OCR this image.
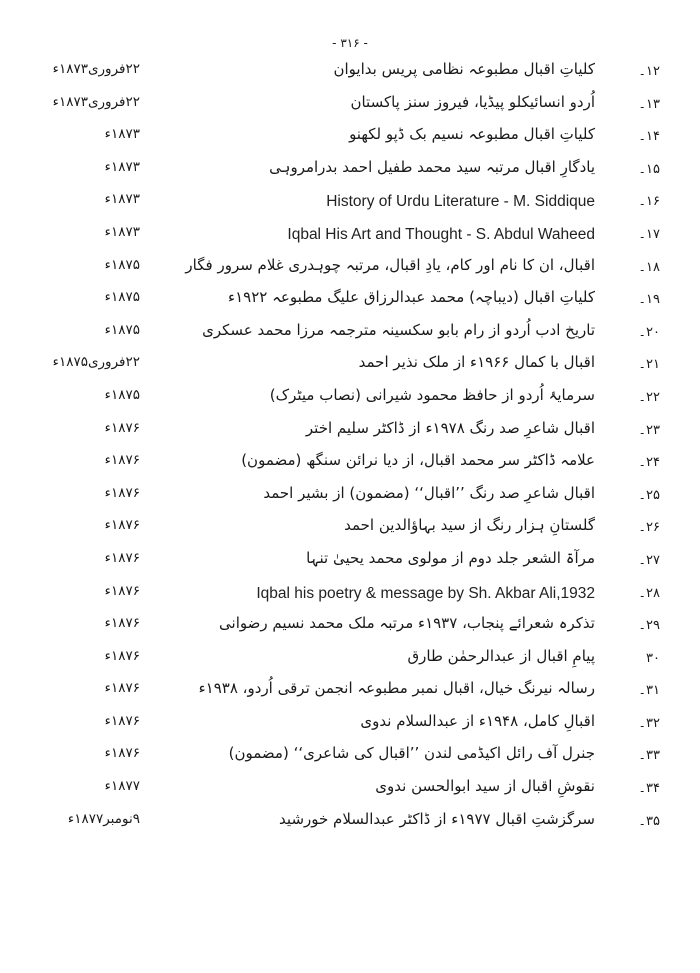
- ۳۱۶ -
۱۲۔
کلیاتِ اقبال مطبوعہ نظامی پریس بدایوان
۲۲فروری۱۸۷۳ء
۱۳۔
اُردو انسائیکلو پیڈیا، فیروز سنز پاکستان
۲۲فروری۱۸۷۳ء
۱۴۔
کلیاتِ اقبال مطبوعہ نسیم بک ڈپو لکھنو
۱۸۷۳ء
۱۵۔
یادگارِ اقبال مرتبہ سید محمد طفیل احمد بدرامروہی
۱۸۷۳ء
۱۶۔
History of Urdu Literature - M. Siddique
۱۸۷۳ء
۱۷۔
Iqbal His Art and Thought - S. Abdul Waheed
۱۸۷۳ء
۱۸۔
اقبال، ان کا نام اور کام، یادِ اقبال، مرتبہ چوہدری غلام سرور فگار
۱۸۷۵ء
۱۹۔
کلیاتِ اقبال (دیباچہ) محمد عبدالرزاق علیگ مطبوعہ ۱۹۲۲ء
۱۸۷۵ء
۲۰۔
تاریخ ادب اُردو از رام بابو سکسینہ مترجمہ مرزا محمد عسکری
۱۸۷۵ء
۲۱۔
اقبال با کمال ۱۹۶۶ء از ملک نذیر احمد
۲۲فروری۱۸۷۵ء
۲۲۔
سرمایۂ اُردو از حافظ محمود شیرانی (نصاب میٹرک)
۱۸۷۵ء
۲۳۔
اقبال شاعرِ صد رنگ ۱۹۷۸ء از ڈاکٹر سلیم اختر
۱۸۷۶ء
۲۴۔
علامہ ڈاکٹر سر محمد اقبال، از دیا نرائن سنگھ (مضمون)
۱۸۷۶ء
۲۵۔
اقبال شاعرِ صد رنگ ’’اقبال‘‘ (مضمون) از بشیر احمد
۱۸۷۶ء
۲۶۔
گلستانِ ہزار رنگ از سید بہاؤالدین احمد
۱۸۷۶ء
۲۷۔
مرآۃ الشعر جلد دوم از مولوی محمد یحییٰ تنہا
۱۸۷۶ء
۲۸۔
Iqbal his poetry & message by Sh. Akbar Ali,1932
۱۸۷۶ء
۲۹۔
تذکرہ شعرائے پنجاب، ۱۹۳۷ء مرتبہ ملک محمد نسیم رضوانی
۱۸۷۶ء
۳۰
پیامِ اقبال از عبدالرحمٰن طارق
۱۸۷۶ء
۳۱۔
رسالہ نیرنگ خیال، اقبال نمبر مطبوعہ انجمن ترقی اُردو، ۱۹۳۸ء
۱۸۷۶ء
۳۲۔
اقبالِ کامل، ۱۹۴۸ء از عبدالسلام ندوی
۱۸۷۶ء
۳۳۔
جنرل آف رائل اکیڈمی لندن ’’اقبال کی شاعری‘‘ (مضمون)
۱۸۷۶ء
۳۴۔
نقوشِ اقبال از سید ابوالحسن ندوی
۱۸۷۷ء
۳۵۔
سرگزشتِ اقبال ۱۹۷۷ء از ڈاکٹر عبدالسلام خورشید
۹نومبر۱۸۷۷ء
